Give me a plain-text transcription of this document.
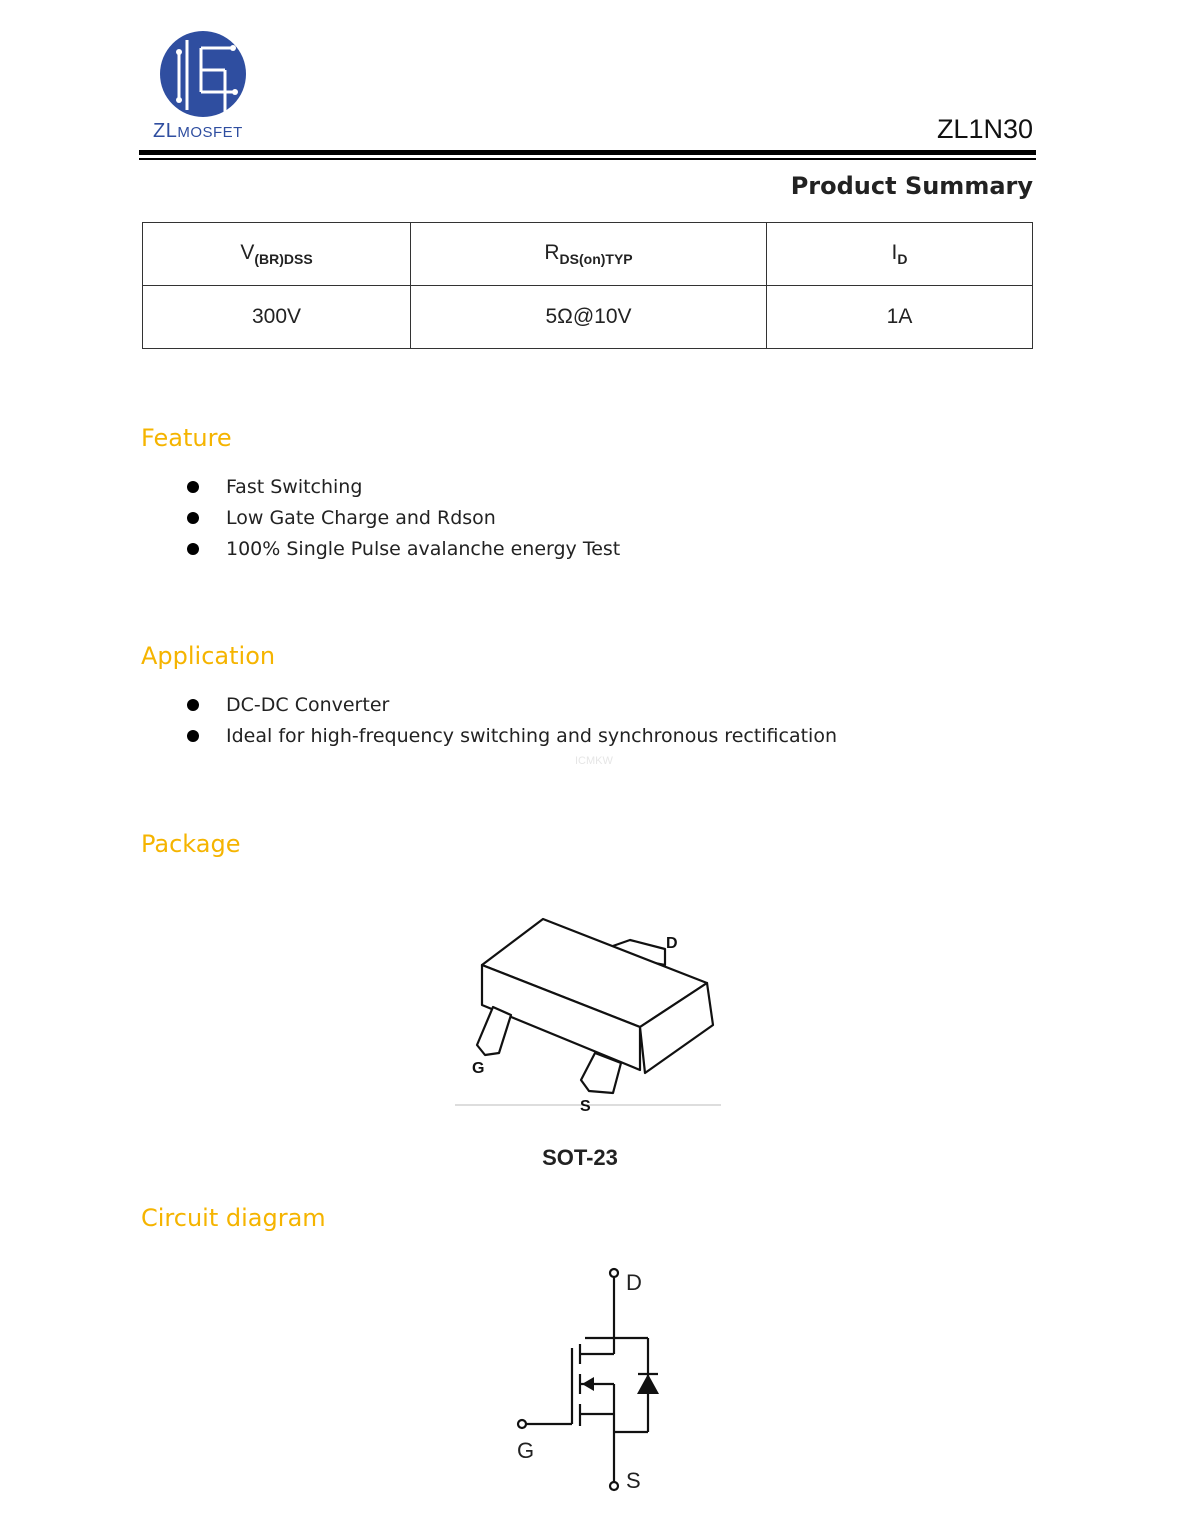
ZLMOSFET	ZL1N30
Product Summary
$V_{(BR)DSS}$	$R_{DS(on)TYP}$	$I_D$
300V	5Ω@10V	1A
Feature
Fast Switching
Low Gate Charge and Rdson
100% Single Pulse avalanche energy Test
Application
DC-DC Converter
Ideal for high-frequency switching and synchronous rectification
ICMKW
Package
D
G
S
SOT-23
Circuit diagram
D
G
S
